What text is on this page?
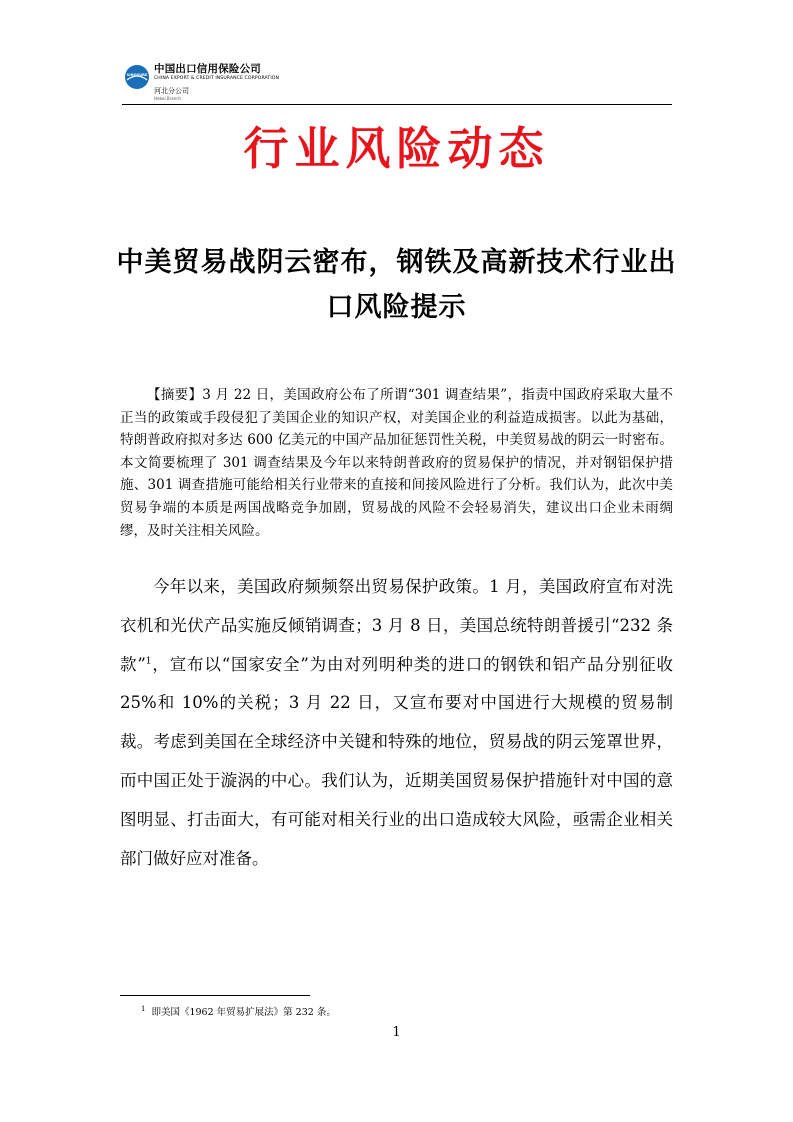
SINOSURE 中国出口信用保险公司
CHINA EXPORT & CREDIT INSURANCE CORPORATION
河北分公司
Hebei Branch
行业风险动态
中美贸易战阴云密布，钢铁及高新技术行业出口风险提示

【摘要】3 月 22 日，美国政府公布了所谓“301 调查结果”，指责中国政府采取大量不正当的政策或手段侵犯了美国企业的知识产权，对美国企业的利益造成损害。以此为基础，特朗普政府拟对多达 600 亿美元的中国产品加征惩罚性关税，中美贸易战的阴云一时密布。本文简要梳理了 301 调查结果及今年以来特朗普政府的贸易保护的情况，并对钢铝保护措施、301 调查措施可能给相关行业带来的直接和间接风险进行了分析。我们认为，此次中美贸易争端的本质是两国战略竞争加剧，贸易战的风险不会轻易消失，建议出口企业未雨绸缪，及时关注相关风险。

今年以来，美国政府频频祭出贸易保护政策。1 月，美国政府宣布对洗衣机和光伏产品实施反倾销调查；3 月 8 日，美国总统特朗普援引“232 条款”$^1$，宣布以“国家安全”为由对列明种类的进口的钢铁和铝产品分别征收 25%和 10%的关税；3 月 22 日，又宣布要对中国进行大规模的贸易制裁。考虑到美国在全球经济中关键和特殊的地位，贸易战的阴云笼罩世界，而中国正处于漩涡的中心。我们认为，近期美国贸易保护措施针对中国的意图明显、打击面大，有可能对相关行业的出口造成较大风险，亟需企业相关部门做好应对准备。

$^1$ 即美国《1962 年贸易扩展法》第 232 条。
1
